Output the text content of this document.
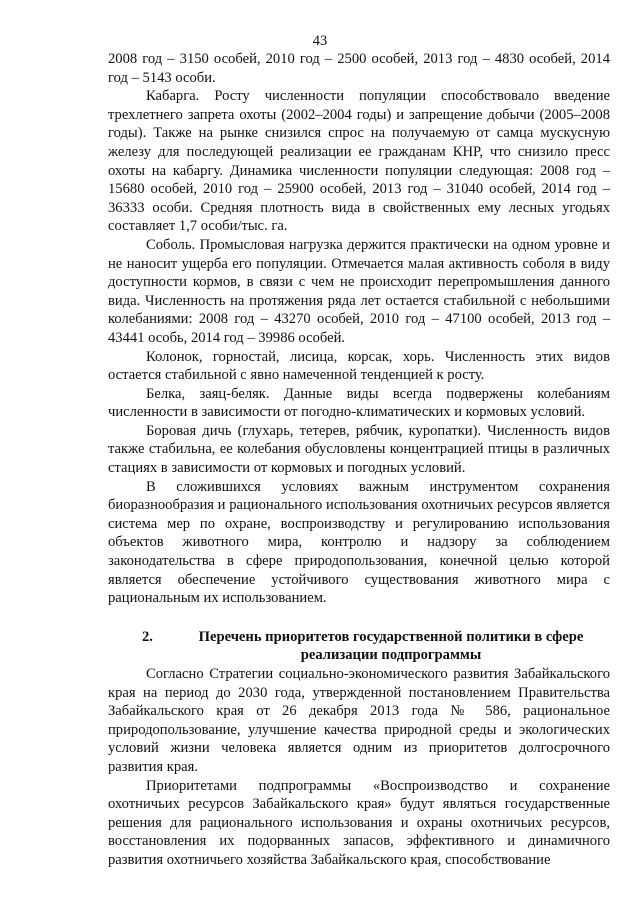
43

2008 год – 3150 особей, 2010 год – 2500 особей, 2013 год – 4830 особей, 2014 год – 5143 особи.

Кабарга. Росту численности популяции способствовало введение трехлетнего запрета охоты (2002–2004 годы) и запрещение добычи (2005–2008 годы). Также на рынке снизился спрос на получаемую от самца мускусную железу для последующей реализации ее гражданам КНР, что снизило пресс охоты на кабаргу. Динамика численности популяции следующая: 2008 год – 15680 особей, 2010 год – 25900 особей, 2013 год – 31040 особей, 2014 год – 36333 особи. Средняя плотность вида в свойственных ему лесных угодьях составляет 1,7 особи/тыс. га.

Соболь. Промысловая нагрузка держится практически на одном уровне и не наносит ущерба его популяции. Отмечается малая активность соболя в виду доступности кормов, в связи с чем не происходит перепромышления данного вида. Численность на протяжения ряда лет остается стабильной с небольшими колебаниями: 2008 год – 43270 особей, 2010 год – 47100 особей, 2013 год – 43441 особь, 2014 год – 39986 особей.

Колонок, горностай, лисица, корсак, хорь. Численность этих видов остается стабильной с явно намеченной тенденцией к росту.

Белка, заяц-беляк. Данные виды всегда подвержены колебаниям численности в зависимости от погодно-климатических и кормовых условий.

Боровая дичь (глухарь, тетерев, рябчик, куропатки). Численность видов также стабильна, ее колебания обусловлены концентрацией птицы в различных стациях в зависимости от кормовых и погодных условий.

В сложившихся условиях важным инструментом сохранения биоразнообразия и рационального использования охотничьих ресурсов является система мер по охране, воспроизводству и регулированию использования объектов животного мира, контролю и надзору за соблюдением законодательства в сфере природопользования, конечной целью которой является обеспечение устойчивого существования животного мира с рациональным их использованием.

2.	Перечень приоритетов государственной политики в сфере реализации подпрограммы

Согласно Стратегии социально-экономического развития Забайкальского края на период до 2030 года, утвержденной постановлением Правительства Забайкальского края от 26 декабря 2013 года № 586, рациональное природопользование, улучшение качества природной среды и экологических условий жизни человека является одним из приоритетов долгосрочного развития края.

Приоритетами подпрограммы «Воспроизводство и сохранение охотничьих ресурсов Забайкальского края» будут являться государственные решения для рационального использования и охраны охотничьих ресурсов, восстановления их подорванных запасов, эффективного и динамичного развития охотничьего хозяйства Забайкальского края, способствование
